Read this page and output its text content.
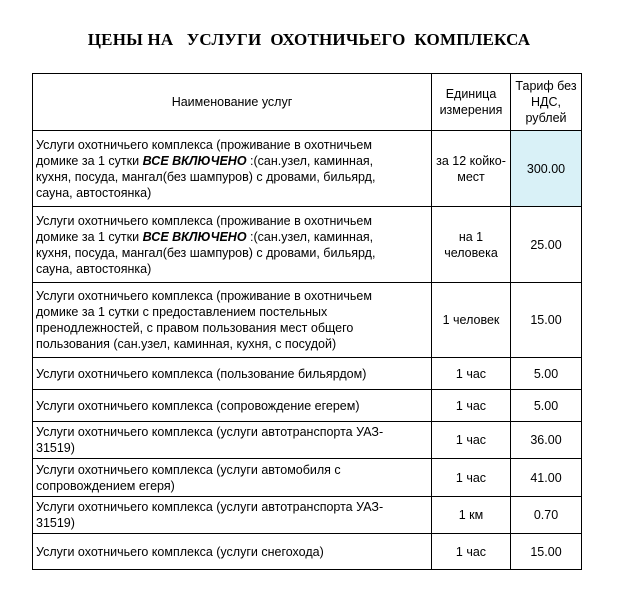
ЦЕНЫ НА   УСЛУГИ  ОХОТНИЧЬЕГО  КОМПЛЕКСА
Наименование услуг	Единица измерения	Тариф без НДС, рублей
Услуги охотничьего комплекса (проживание в охотничьем
домике за 1 сутки ВСЕ ВКЛЮЧЕНО :(сан.узел, каминная,
кухня, посуда, мангал(без шампуров) с дровами, бильярд,
сауна, автостоянка)	за 12 койко-мест	300.00
Услуги охотничьего комплекса (проживание в охотничьем
домике за 1 сутки ВСЕ ВКЛЮЧЕНО :(сан.узел, каминная,
кухня, посуда, мангал(без шампуров) с дровами, бильярд,
сауна, автостоянка)	на 1 человека	25.00
Услуги охотничьего комплекса (проживание в охотничьем
домике за 1 сутки с предоставлением постельных
пренодлежностей, с правом пользования мест общего
пользования (сан.узел, каминная, кухня, с посудой)	1 человек	15.00
Услуги охотничьего комплекса (пользование бильярдом)	1 час	5.00
Услуги охотничьего комплекса (сопровождение егерем)	1 час	5.00
Услуги охотничьего комплекса (услуги автотранспорта УАЗ-
31519)	1 час	36.00
Услуги охотничьего комплекса (услуги автомобиля с
сопровождением егеря)	1 час	41.00
Услуги охотничьего комплекса (услуги автотранспорта УАЗ-
31519)	1 км	0.70
Услуги охотничьего комплекса (услуги снегохода)	1 час	15.00
